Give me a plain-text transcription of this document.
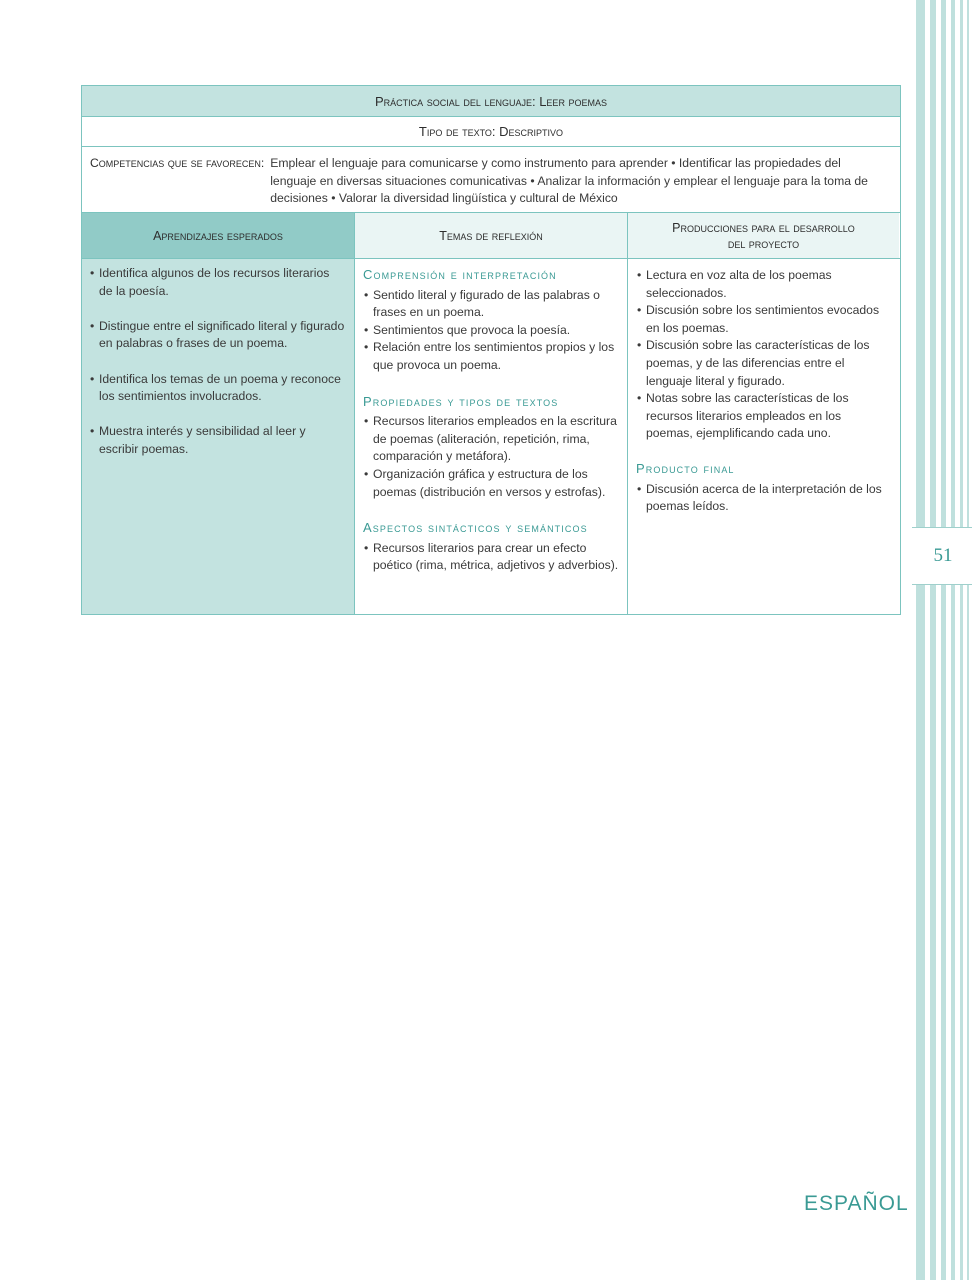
51
Práctica social del lenguaje: Leer poemas
Tipo de texto: Descriptivo
Competencias que se favorecen: Emplear el lenguaje para comunicarse y como instrumento para aprender • Identificar las propiedades del lenguaje en diversas situaciones comunicativas • Analizar la información y emplear el lenguaje para la toma de decisiones • Valorar la diversidad lingüística y cultural de México
Aprendizajes esperados	Temas de reflexión
Producciones para el desarrollo
del proyecto
• Identifica algunos de los recursos literarios de la poesía.
• Distingue entre el significado literal y figurado en palabras o frases de un poema.
• Identifica los temas de un poema y reconoce los sentimientos involucrados.
• Muestra interés y sensibilidad al leer y escribir poemas.
Comprensión e interpretación
• Sentido literal y figurado de las palabras o frases en un poema.
• Sentimientos que provoca la poesía.
• Relación entre los sentimientos propios y los que provoca un poema.
Propiedades y tipos de textos
• Recursos literarios empleados en la escritura de poemas (aliteración, repetición, rima, comparación y metáfora).
• Organización gráfica y estructura de los poemas (distribución en versos y estrofas).
Aspectos sintácticos y semánticos
• Recursos literarios para crear un efecto poético (rima, métrica, adjetivos y adverbios).
• Lectura en voz alta de los poemas seleccionados.
• Discusión sobre los sentimientos evocados en los poemas.
• Discusión sobre las características de los poemas, y de las diferencias entre el lenguaje literal y figurado.
• Notas sobre las características de los recursos literarios empleados en los poemas, ejemplificando cada uno.
Producto final
• Discusión acerca de la interpretación de los poemas leídos.
ESPAÑOL
